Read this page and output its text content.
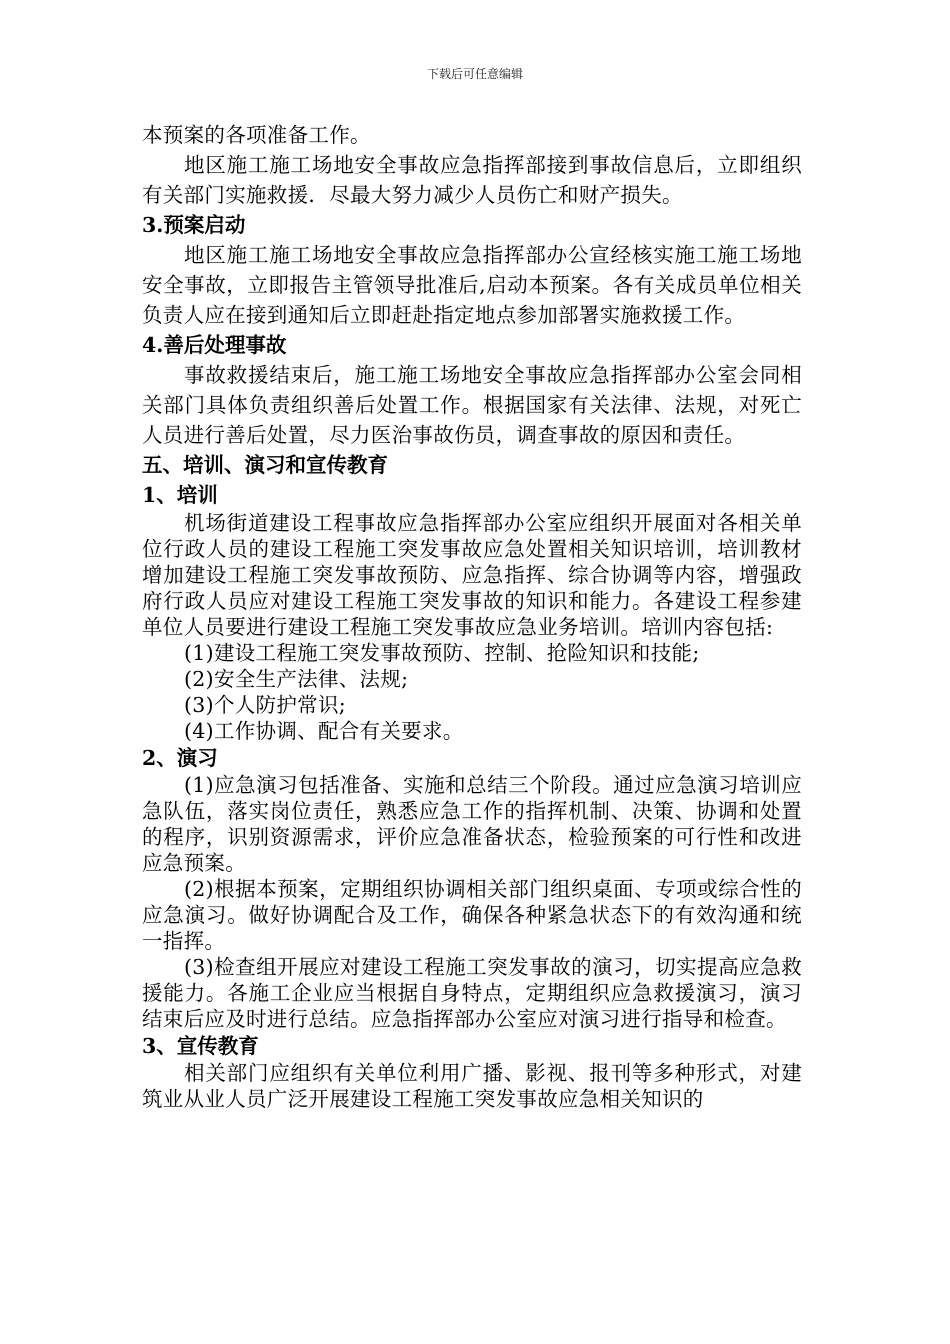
下载后可任意编辑

本预案的各项准备工作。

地区施工施工场地安全事故应急指挥部接到事故信息后，立即组织有关部门实施救援．尽最大努力减少人员伤亡和财产损失。

3.预案启动

地区施工施工场地安全事故应急指挥部办公宣经核实施工施工场地安全事故，立即报告主管领导批准后,启动本预案。各有关成员单位相关负责人应在接到通知后立即赶赴指定地点参加部署实施救援工作。

4.善后处理事故

事故救援结束后，施工施工场地安全事故应急指挥部办公室会同相关部门具体负责组织善后处置工作。根据国家有关法律、法规，对死亡人员进行善后处置，尽力医治事故伤员，调查事故的原因和责任。

五、培训、演习和宣传教育

1、培训

机场街道建设工程事故应急指挥部办公室应组织开展面对各相关单位行政人员的建设工程施工突发事故应急处置相关知识培训，培训教材增加建设工程施工突发事故预防、应急指挥、综合协调等内容，增强政府行政人员应对建设工程施工突发事故的知识和能力。各建设工程参建单位人员要进行建设工程施工突发事故应急业务培训。培训内容包括:

(1)建设工程施工突发事故预防、控制、抢险知识和技能;

(2)安全生产法律、法规;

(3)个人防护常识;

(4)工作协调、配合有关要求。

2、演习

(1)应急演习包括准备、实施和总结三个阶段。通过应急演习培训应急队伍，落实岗位责任，熟悉应急工作的指挥机制、决策、协调和处置的程序，识别资源需求，评价应急准备状态，检验预案的可行性和改进应急预案。

(2)根据本预案，定期组织协调相关部门组织桌面、专项或综合性的应急演习。做好协调配合及工作，确保各种紧急状态下的有效沟通和统一指挥。

(3)检查组开展应对建设工程施工突发事故的演习，切实提高应急救援能力。各施工企业应当根据自身特点，定期组织应急救援演习，演习结束后应及时进行总结。应急指挥部办公室应对演习进行指导和检查。

3、宣传教育

相关部门应组织有关单位利用广播、影视、报刊等多种形式，对建筑业从业人员广泛开展建设工程施工突发事故应急相关知识的
